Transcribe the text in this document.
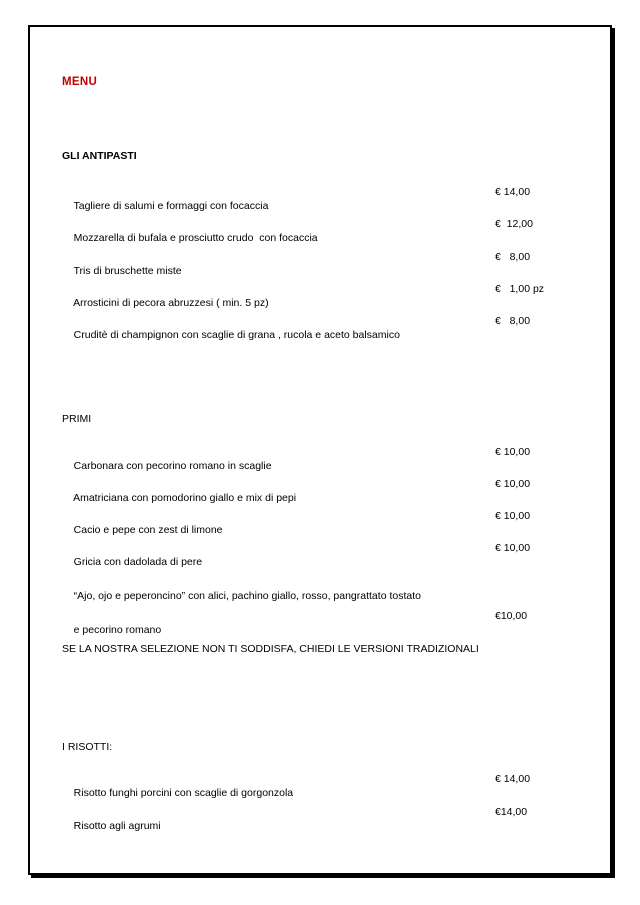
MENU
GLI ANTIPASTI

Tagliere di salumi e formaggi con focaccia

€ 14,00

Mozzarella di bufala e prosciutto crudo  con focaccia

€  12,00

Tris di bruschette miste

€   8,00

Arrosticini di pecora abruzzesi ( min. 5 pz)

€   1,00 pz

Cruditè di champignon con scaglie di grana , rucola e aceto balsamico

€   8,00

PRIMI

Carbonara con pecorino romano in scaglie

€ 10,00

Amatriciana con pomodorino giallo e mix di pepi

€ 10,00

Cacio e pepe con zest di limone

€ 10,00

Gricia con dadolada di pere

€ 10,00

“Ajo, ojo e peperoncino” con alici, pachino giallo, rosso, pangrattato tostato

e pecorino romano

€10,00

SE LA NOSTRA SELEZIONE NON TI SODDISFA, CHIEDI LE VERSIONI TRADIZIONALI
I RISOTTI:

Risotto funghi porcini con scaglie di gorgonzola

€ 14,00

Risotto agli agrumi

€14,00
